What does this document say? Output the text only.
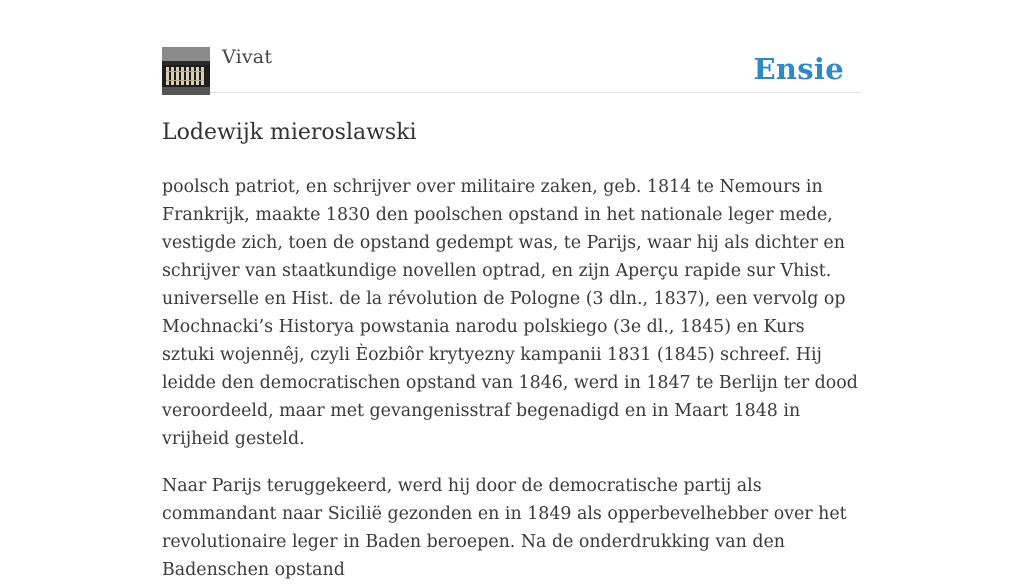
Vivat	Ensie
Lodewijk mieroslawski

poolsch patriot, en schrijver over militaire zaken, geb. 1814 te Nemours in Frankrijk, maakte 1830 den poolschen opstand in het nationale leger mede, vestigde zich, toen de opstand gedempt was, te Parijs, waar hij als dichter en schrijver van staatkundige novellen optrad, en zijn Aperçu rapide sur Vhist. universelle en Hist. de la révolution de Pologne (3 dln., 1837), een vervolg op Mochnacki’s Historya powstania narodu polskiego (3e dl., 1845) en Kurs sztuki wojennêj, czyli Èozbiôr krytyezny kampanii 1831 (1845) schreef. Hij leidde den democratischen opstand van 1846, werd in 1847 te Berlijn ter dood veroordeeld, maar met gevangenisstraf begenadigd en in Maart 1848 in vrijheid gesteld.

Naar Parijs teruggekeerd, werd hij door de democratische partij als commandant naar Sicilië gezonden en in 1849 als opperbevelhebber over het revolutionaire leger in Baden beroepen. Na de onderdrukking van den Badenschen opstand
